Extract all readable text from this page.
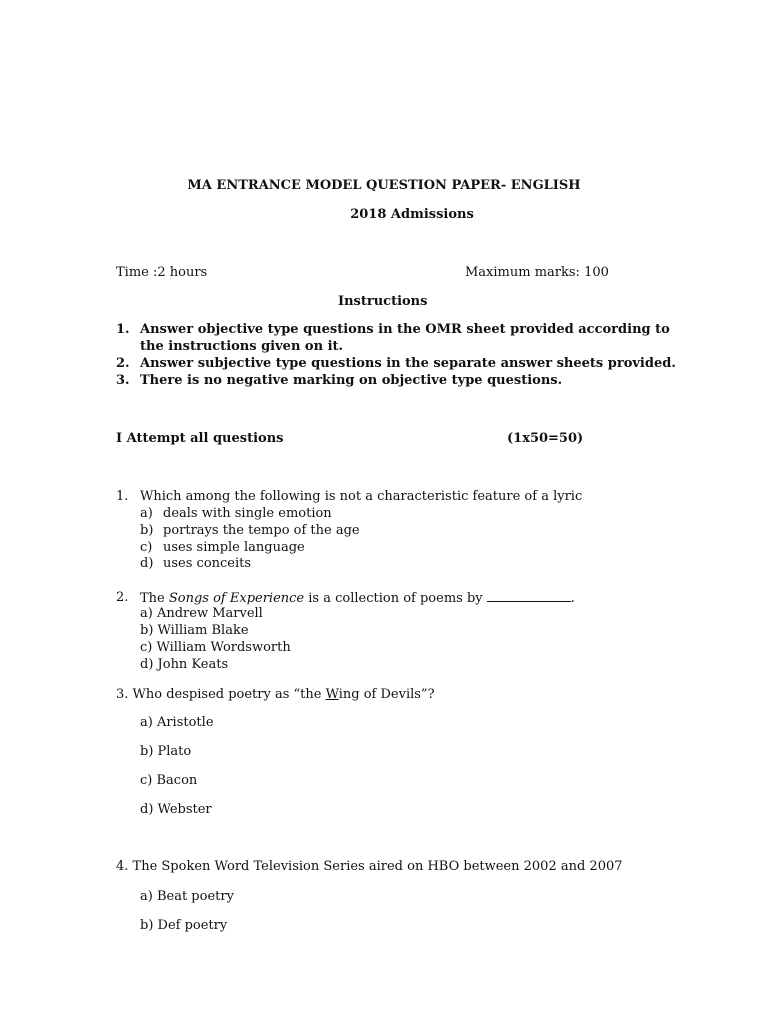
MA ENTRANCE MODEL QUESTION PAPER- ENGLISH
2018 Admissions
Time :2 hours	Maximum marks: 100
Instructions
1. Answer objective type questions in the OMR sheet provided according to
the instructions given on it.
2. Answer subjective type questions in the separate answer sheets provided.
3. There is no negative marking on objective type questions.
I Attempt all questions	(1x50=50)
1. Which among the following is not a characteristic feature of a lyric
a) deals with single emotion
b) portrays the tempo of the age
c) uses simple language
d) uses conceits
2. The Songs of Experience is a collection of poems by	.
a) Andrew Marvell
b) William Blake
c) William Wordsworth
d) John Keats
3. Who despised poetry as “the Wing of Devils”?
a) Aristotle
b) Plato
c) Bacon
d) Webster
4. The Spoken Word Television Series aired on HBO between 2002 and 2007
a) Beat poetry
b) Def poetry
